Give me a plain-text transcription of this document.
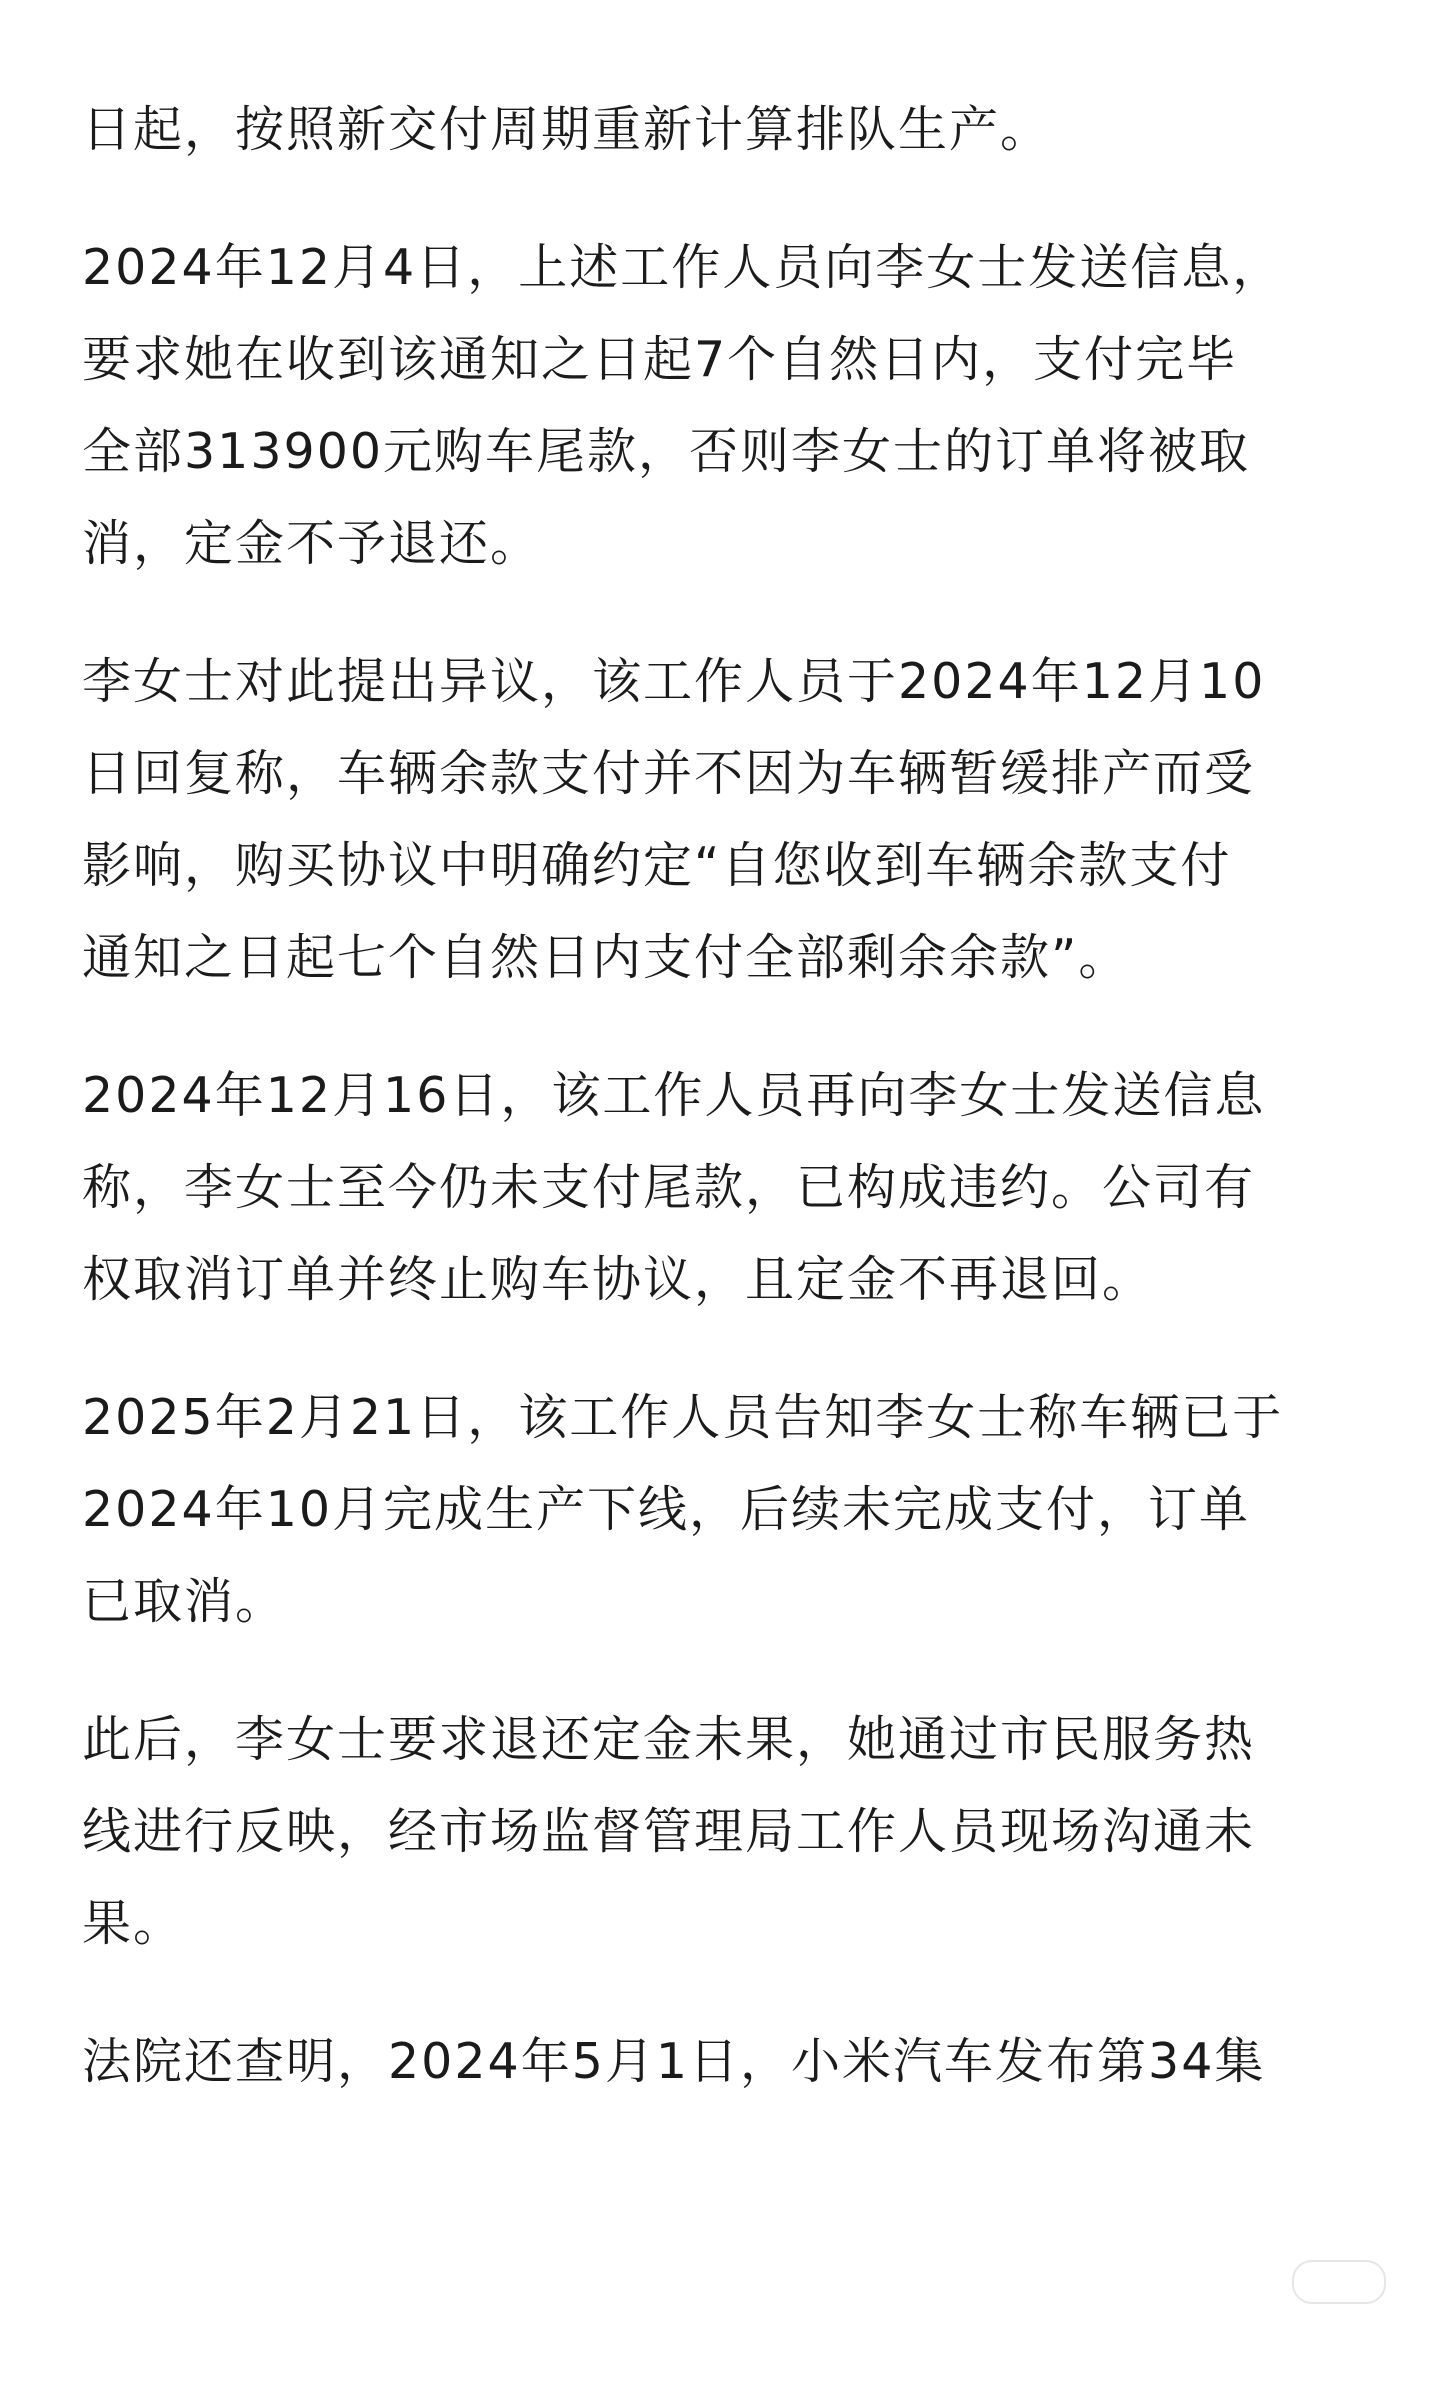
日起，按照新交付周期重新计算排队生产。

2024年12月4日，上述工作人员向李女士发送信息，
要求她在收到该通知之日起7个自然日内，支付完毕
全部313900元购车尾款，否则李女士的订单将被取
消，定金不予退还。

李女士对此提出异议，该工作人员于2024年12月10
日回复称，车辆余款支付并不因为车辆暂缓排产而受
影响，购买协议中明确约定“自您收到车辆余款支付
通知之日起七个自然日内支付全部剩余余款”。

2024年12月16日，该工作人员再向李女士发送信息
称，李女士至今仍未支付尾款，已构成违约。公司有
权取消订单并终止购车协议，且定金不再退回。

2025年2月21日，该工作人员告知李女士称车辆已于
2024年10月完成生产下线，后续未完成支付，订单
已取消。

此后，李女士要求退还定金未果，她通过市民服务热
线进行反映，经市场监督管理局工作人员现场沟通未
果。

法院还查明，2024年5月1日，小米汽车发布第34集
